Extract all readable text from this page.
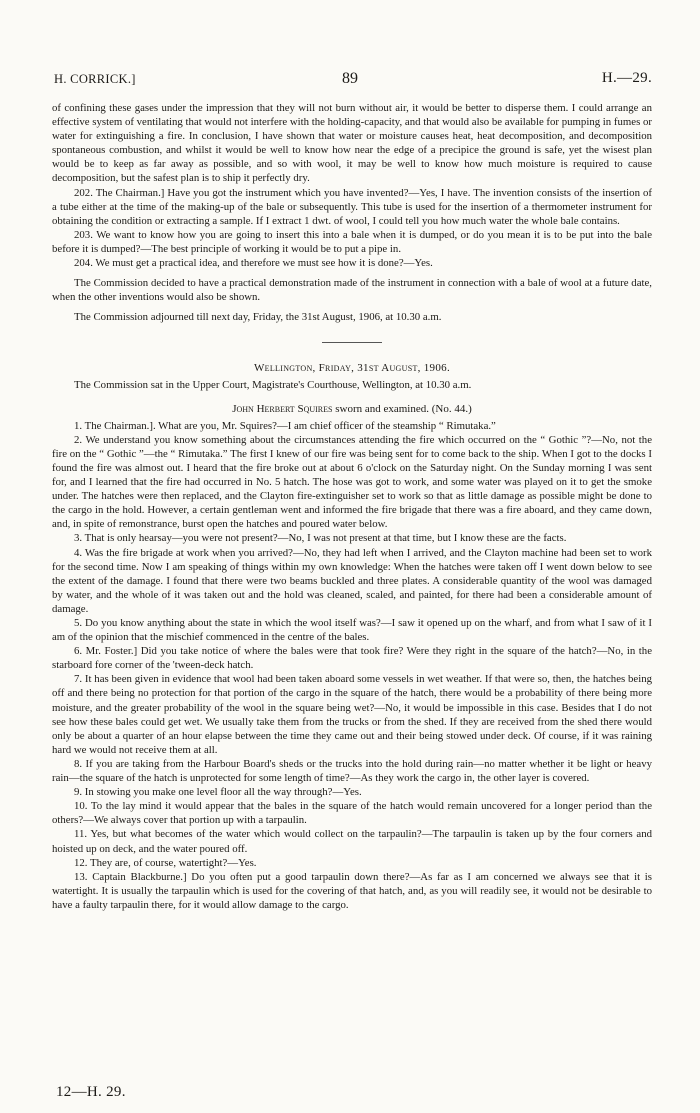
H. CORRICK.]	89	H.—29.

of confining these gases under the impression that they will not burn without air, it would be better to disperse them. I could arrange an effective system of ventilating that would not interfere with the holding-capacity, and that would also be available for pumping in fumes or water for extinguishing a fire. In conclusion, I have shown that water or moisture causes heat, heat decomposition, and decomposition spontaneous combustion, and whilst it would be well to know how near the edge of a precipice the ground is safe, yet the wisest plan would be to keep as far away as possible, and so with wool, it may be well to know how much moisture is required to cause decomposition, but the safest plan is to ship it perfectly dry.

202. The Chairman.] Have you got the instrument which you have invented?—Yes, I have. The invention consists of the insertion of a tube either at the time of the making-up of the bale or subsequently. This tube is used for the insertion of a thermometer instrument for obtaining the condition or extracting a sample. If I extract 1 dwt. of wool, I could tell you how much water the whole bale contains.

203. We want to know how you are going to insert this into a bale when it is dumped, or do you mean it is to be put into the bale before it is dumped?—The best principle of working it would be to put a pipe in.

204. We must get a practical idea, and therefore we must see how it is done?—Yes.

The Commission decided to have a practical demonstration made of the instrument in connection with a bale of wool at a future date, when the other inventions would also be shown.

The Commission adjourned till next day, Friday, the 31st August, 1906, at 10.30 a.m.

Wellington, Friday, 31st August, 1906.

The Commission sat in the Upper Court, Magistrate's Courthouse, Wellington, at 10.30 a.m.

John Herbert Squires sworn and examined. (No. 44.)

1. The Chairman.]. What are you, Mr. Squires?—I am chief officer of the steamship “ Rimutaka.”

2. We understand you know something about the circumstances attending the fire which occurred on the “ Gothic ”?—No, not the fire on the “ Gothic ”—the “ Rimutaka.” The first I knew of our fire was being sent for to come back to the ship. When I got to the docks I found the fire was almost out. I heard that the fire broke out at about 6 o'clock on the Saturday night. On the Sunday morning I was sent for, and I learned that the fire had occurred in No. 5 hatch. The hose was got to work, and some water was played on it to get the smoke under. The hatches were then replaced, and the Clayton fire-extinguisher set to work so that as little damage as possible might be done to the cargo in the hold. However, a certain gentleman went and informed the fire brigade that there was a fire aboard, and they came down, and, in spite of remonstrance, burst open the hatches and poured water below.

3. That is only hearsay—you were not present?—No, I was not present at that time, but I know these are the facts.

4. Was the fire brigade at work when you arrived?—No, they had left when I arrived, and the Clayton machine had been set to work for the second time. Now I am speaking of things within my own knowledge: When the hatches were taken off I went down below to see the extent of the damage. I found that there were two beams buckled and three plates. A considerable quantity of the wool was damaged by water, and the whole of it was taken out and the hold was cleaned, scaled, and painted, for there had been a considerable amount of damage.

5. Do you know anything about the state in which the wool itself was?—I saw it opened up on the wharf, and from what I saw of it I am of the opinion that the mischief commenced in the centre of the bales.

6. Mr. Foster.] Did you take notice of where the bales were that took fire? Were they right in the square of the hatch?—No, in the starboard fore corner of the 'tween-deck hatch.

7. It has been given in evidence that wool had been taken aboard some vessels in wet weather. If that were so, then, the hatches being off and there being no protection for that portion of the cargo in the square of the hatch, there would be a probability of there being more moisture, and the greater probability of the wool in the square being wet?—No, it would be impossible in this case. Besides that I do not see how these bales could get wet. We usually take them from the trucks or from the shed. If they are received from the shed there would only be about a quarter of an hour elapse between the time they came out and their being stowed under deck. Of course, if it was raining hard we would not receive them at all.

8. If you are taking from the Harbour Board's sheds or the trucks into the hold during rain—no matter whether it be light or heavy rain—the square of the hatch is unprotected for some length of time?—As they work the cargo in, the other layer is covered.

9. In stowing you make one level floor all the way through?—Yes.

10. To the lay mind it would appear that the bales in the square of the hatch would remain uncovered for a longer period than the others?—We always cover that portion up with a tarpaulin.

11. Yes, but what becomes of the water which would collect on the tarpaulin?—The tarpaulin is taken up by the four corners and hoisted up on deck, and the water poured off.

12. They are, of course, watertight?—Yes.

13. Captain Blackburne.] Do you often put a good tarpaulin down there?—As far as I am concerned we always see that it is watertight. It is usually the tarpaulin which is used for the covering of that hatch, and, as you will readily see, it would not be desirable to have a faulty tarpaulin there, for it would allow damage to the cargo.

12—H. 29.
